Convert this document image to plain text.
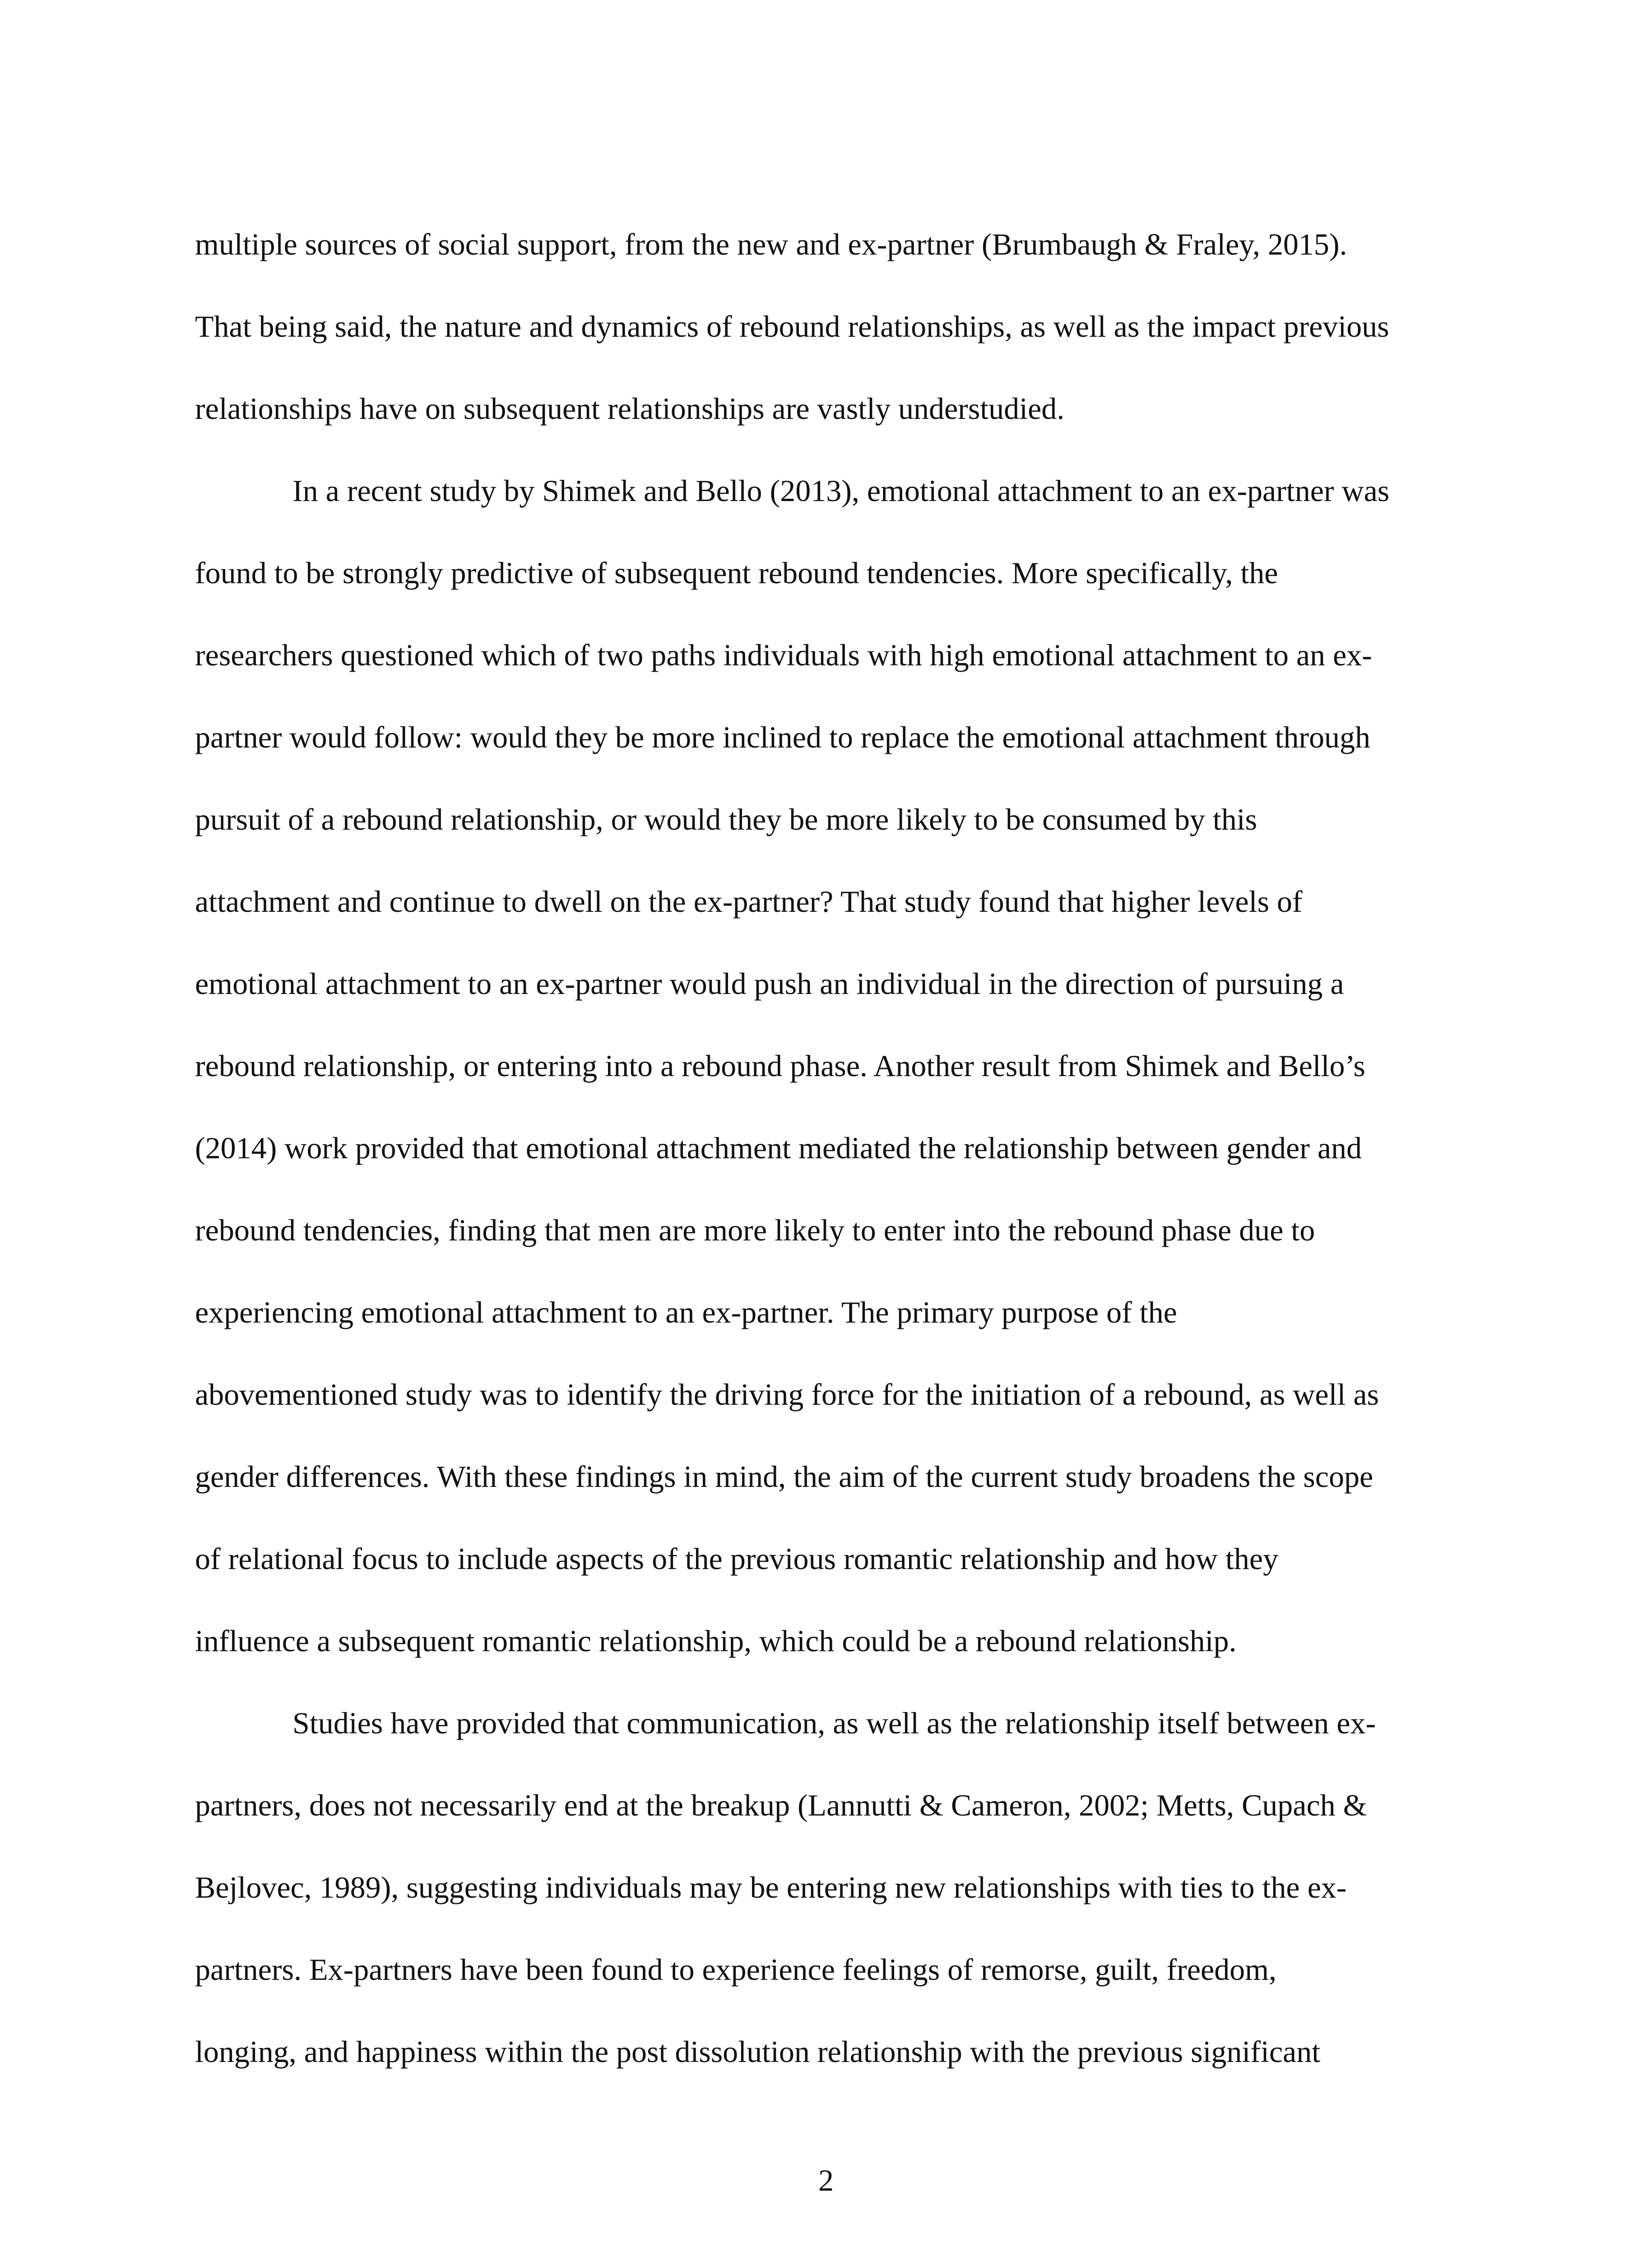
multiple sources of social support, from the new and ex-partner (Brumbaugh & Fraley, 2015).
That being said, the nature and dynamics of rebound relationships, as well as the impact previous
relationships have on subsequent relationships are vastly understudied.
In a recent study by Shimek and Bello (2013), emotional attachment to an ex-partner was
found to be strongly predictive of subsequent rebound tendencies. More specifically, the
researchers questioned which of two paths individuals with high emotional attachment to an ex-
partner would follow: would they be more inclined to replace the emotional attachment through
pursuit of a rebound relationship, or would they be more likely to be consumed by this
attachment and continue to dwell on the ex-partner? That study found that higher levels of
emotional attachment to an ex-partner would push an individual in the direction of pursuing a
rebound relationship, or entering into a rebound phase. Another result from Shimek and Bello’s
(2014) work provided that emotional attachment mediated the relationship between gender and
rebound tendencies, finding that men are more likely to enter into the rebound phase due to
experiencing emotional attachment to an ex-partner. The primary purpose of the
abovementioned study was to identify the driving force for the initiation of a rebound, as well as
gender differences. With these findings in mind, the aim of the current study broadens the scope
of relational focus to include aspects of the previous romantic relationship and how they
influence a subsequent romantic relationship, which could be a rebound relationship.
Studies have provided that communication, as well as the relationship itself between ex-
partners, does not necessarily end at the breakup (Lannutti & Cameron, 2002; Metts, Cupach &
Bejlovec, 1989), suggesting individuals may be entering new relationships with ties to the ex-
partners. Ex-partners have been found to experience feelings of remorse, guilt, freedom,
longing, and happiness within the post dissolution relationship with the previous significant
2
